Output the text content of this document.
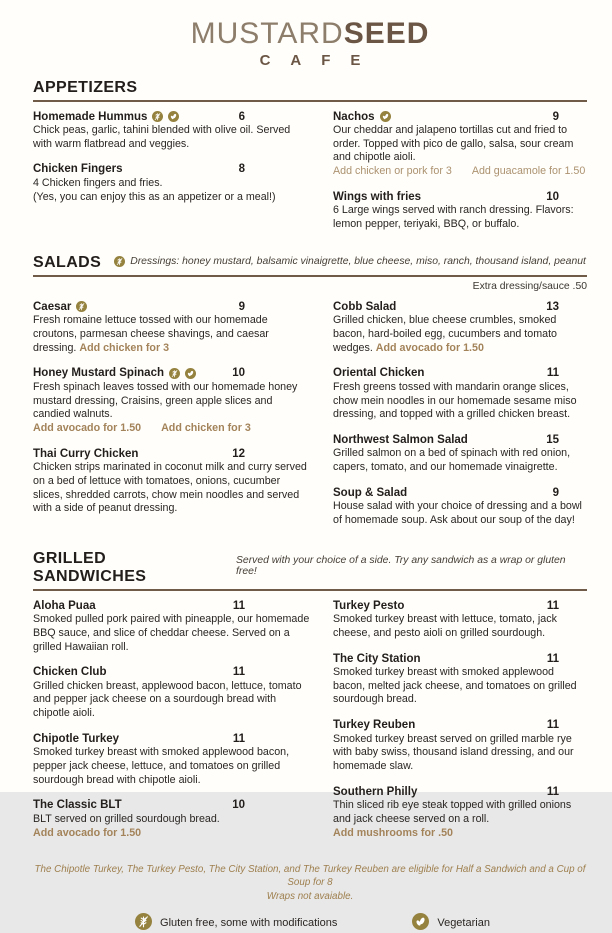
MUSTARDSEED
CAFE
APPETIZERS
Homemade Hummus	6
Chick peas, garlic, tahini blended with olive oil. Served with warm flatbread and veggies.
Chicken Fingers	8
4 Chicken fingers and fries.
(Yes, you can enjoy this as an appetizer or a meal!)
Nachos	9
Our cheddar and jalapeno tortillas cut and fried to order. Topped with pico de gallo, salsa, sour cream and chipotle aioli.
Add chicken or pork for 3 Add guacamole for 1.50
Wings with fries	10
6 Large wings served with ranch dressing. Flavors: lemon pepper, teriyaki, BBQ, or buffalo.
SALADS	Dressings: honey mustard, balsamic vinaigrette, blue cheese, miso, ranch, thousand island, peanut
Extra dressing/sauce .50
Caesar	9
Fresh romaine lettuce tossed with our homemade croutons, parmesan cheese shavings, and caesar dressing. Add chicken for 3
Honey Mustard Spinach	10
Fresh spinach leaves tossed with our homemade honey mustard dressing, Craisins, green apple slices and candied walnuts.
Add avocado for 1.50 Add chicken for 3
Thai Curry Chicken	12
Chicken strips marinated in coconut milk and curry served on a bed of lettuce with tomatoes, onions, cucumber slices, shredded carrots, chow mein noodles and served with a side of peanut dressing.
Cobb Salad	13
Grilled chicken, blue cheese crumbles, smoked bacon, hard-boiled egg, cucumbers and tomato wedges. Add avocado for 1.50
Oriental Chicken	11
Fresh greens tossed with mandarin orange slices, chow mein noodles in our homemade sesame miso dressing, and topped with a grilled chicken breast.
Northwest Salmon Salad	15
Grilled salmon on a bed of spinach with red onion, capers, tomato, and our homemade vinaigrette.
Soup & Salad	9
House salad with your choice of dressing and a bowl of homemade soup. Ask about our soup of the day!
GRILLED SANDWICHES
Served with your choice of a side. Try any sandwich as a wrap or gluten free!
Aloha Puaa	11
Smoked pulled pork paired with pineapple, our homemade BBQ sauce, and slice of cheddar cheese. Served on a grilled Hawaiian roll.
Chicken Club	11
Grilled chicken breast, applewood bacon, lettuce, tomato and pepper jack cheese on a sourdough bread with chipotle aioli.
Chipotle Turkey	11
Smoked turkey breast with smoked applewood bacon, pepper jack cheese, lettuce, and tomatoes on grilled sourdough bread with chipotle aioli.
The Classic BLT	10
BLT served on grilled sourdough bread.
Add avocado for 1.50
Turkey Pesto	11
Smoked turkey breast with lettuce, tomato, jack cheese, and pesto aioli on grilled sourdough.
The City Station	11
Smoked turkey breast with smoked applewood bacon, melted jack cheese, and tomatoes on grilled sourdough bread.
Turkey Reuben	11
Smoked turkey breast served on grilled marble rye with baby swiss, thousand island dressing, and our homemade slaw.
Southern Philly	11
Thin sliced rib eye steak topped with grilled onions and jack cheese served on a roll.
Add mushrooms for .50
The Chipotle Turkey, The Turkey Pesto, The City Station, and The Turkey Reuben are eligible for Half a Sandwich and a Cup of Soup for 8
Wraps not avaiable.
Gluten free, some with modifications	Vegetarian
